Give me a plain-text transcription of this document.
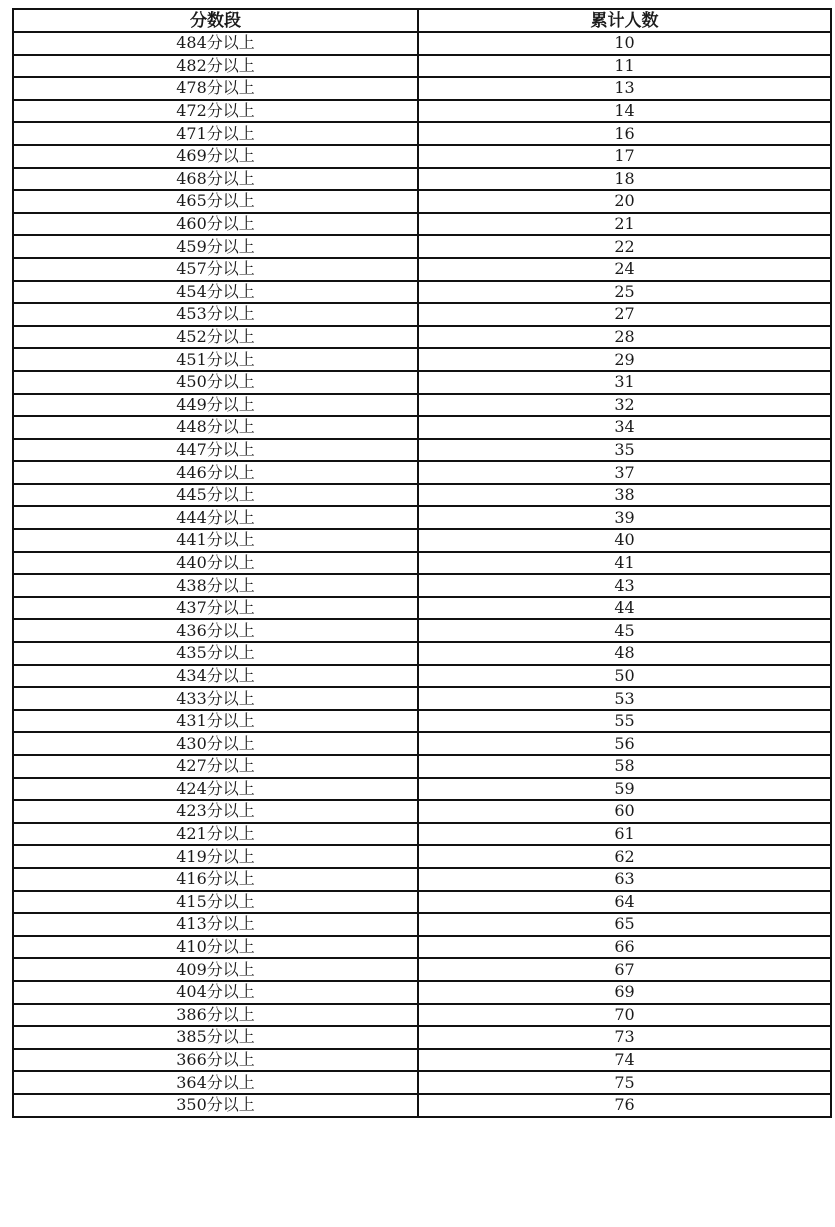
分数段	累计人数
484分以上	10
482分以上	11
478分以上	13
472分以上	14
471分以上	16
469分以上	17
468分以上	18
465分以上	20
460分以上	21
459分以上	22
457分以上	24
454分以上	25
453分以上	27
452分以上	28
451分以上	29
450分以上	31
449分以上	32
448分以上	34
447分以上	35
446分以上	37
445分以上	38
444分以上	39
441分以上	40
440分以上	41
438分以上	43
437分以上	44
436分以上	45
435分以上	48
434分以上	50
433分以上	53
431分以上	55
430分以上	56
427分以上	58
424分以上	59
423分以上	60
421分以上	61
419分以上	62
416分以上	63
415分以上	64
413分以上	65
410分以上	66
409分以上	67
404分以上	69
386分以上	70
385分以上	73
366分以上	74
364分以上	75
350分以上	76
